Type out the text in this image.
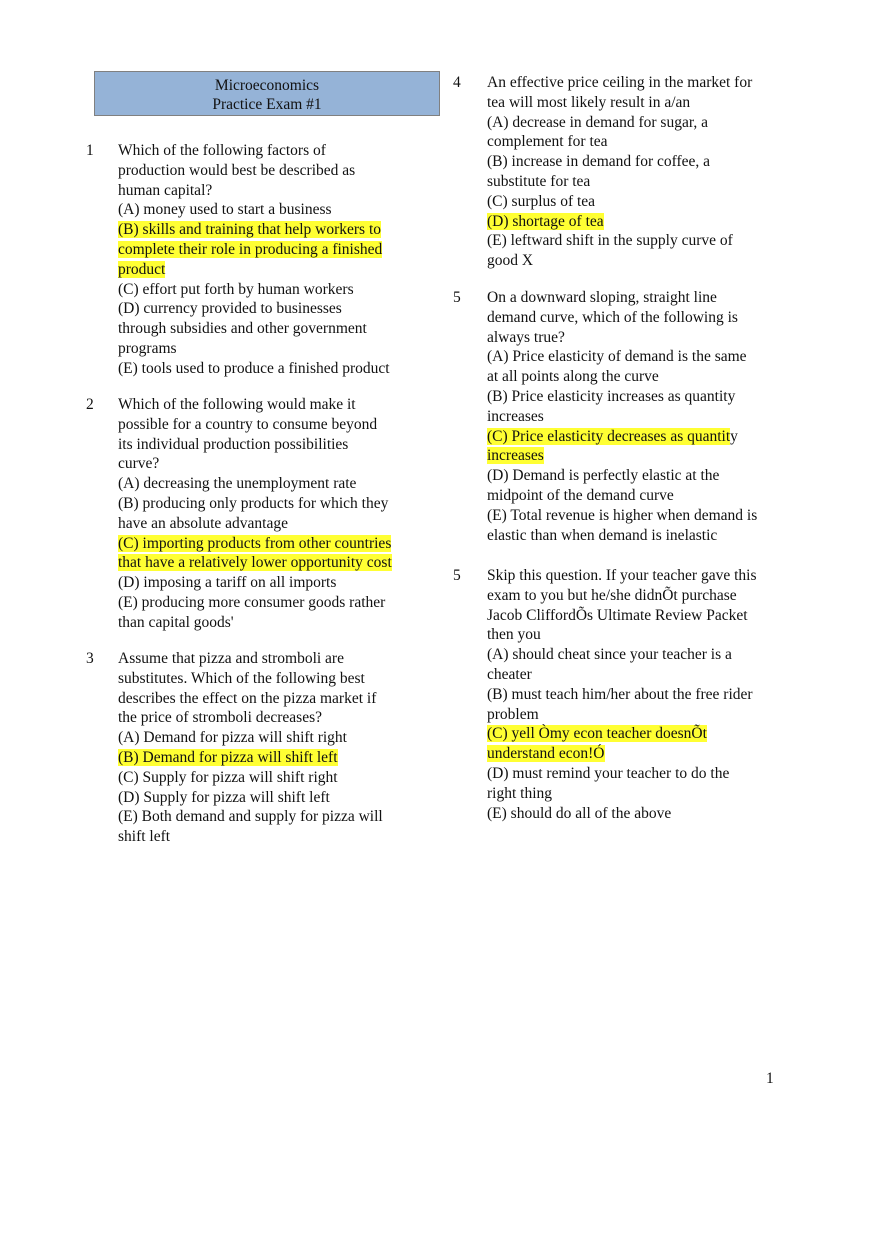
Microeconomics
Practice Exam #1
1 Which of the following factors of
production would best be described as
human capital?
(A) money used to start a business
(B) skills and training that help workers to
complete their role in producing a finished
product
(C) effort put forth by human workers
(D) currency provided to businesses
through subsidies and other government
programs
(E) tools used to produce a finished product
2 Which of the following would make it
possible for a country to consume beyond
its individual production possibilities
curve?
(A) decreasing the unemployment rate
(B) producing only products for which they
have an absolute advantage
(C) importing products from other countries
that have a relatively lower opportunity cost
(D) imposing a tariff on all imports
(E) producing more consumer goods rather
than capital goods'
3 Assume that pizza and stromboli are
substitutes. Which of the following best
describes the effect on the pizza market if
the price of stromboli decreases?
(A) Demand for pizza will shift right
(B) Demand for pizza will shift left
(C) Supply for pizza will shift right
(D) Supply for pizza will shift left
(E) Both demand and supply for pizza will
shift left
4 An effective price ceiling in the market for
tea will most likely result in a/an
(A) decrease in demand for sugar, a
complement for tea
(B) increase in demand for coffee, a
substitute for tea
(C) surplus of tea
(D) shortage of tea
(E) leftward shift in the supply curve of
good X
5 On a downward sloping, straight line
demand curve, which of the following is
always true?
(A) Price elasticity of demand is the same
at all points along the curve
(B) Price elasticity increases as quantity
increases
(C) Price elasticity decreases as quantity
increases
(D) Demand is perfectly elastic at the
midpoint of the demand curve
(E) Total revenue is higher when demand is
elastic than when demand is inelastic
5 Skip this question. If your teacher gave this
exam to you but he/she didnÕt purchase
Jacob CliffordÕs Ultimate Review Packet
then you
(A) should cheat since your teacher is a
cheater
(B) must teach him/her about the free rider
problem
(C) yell Òmy econ teacher doesnÕt
understand econ!Ó
(D) must remind your teacher to do the
right thing
(E) should do all of the above
1
